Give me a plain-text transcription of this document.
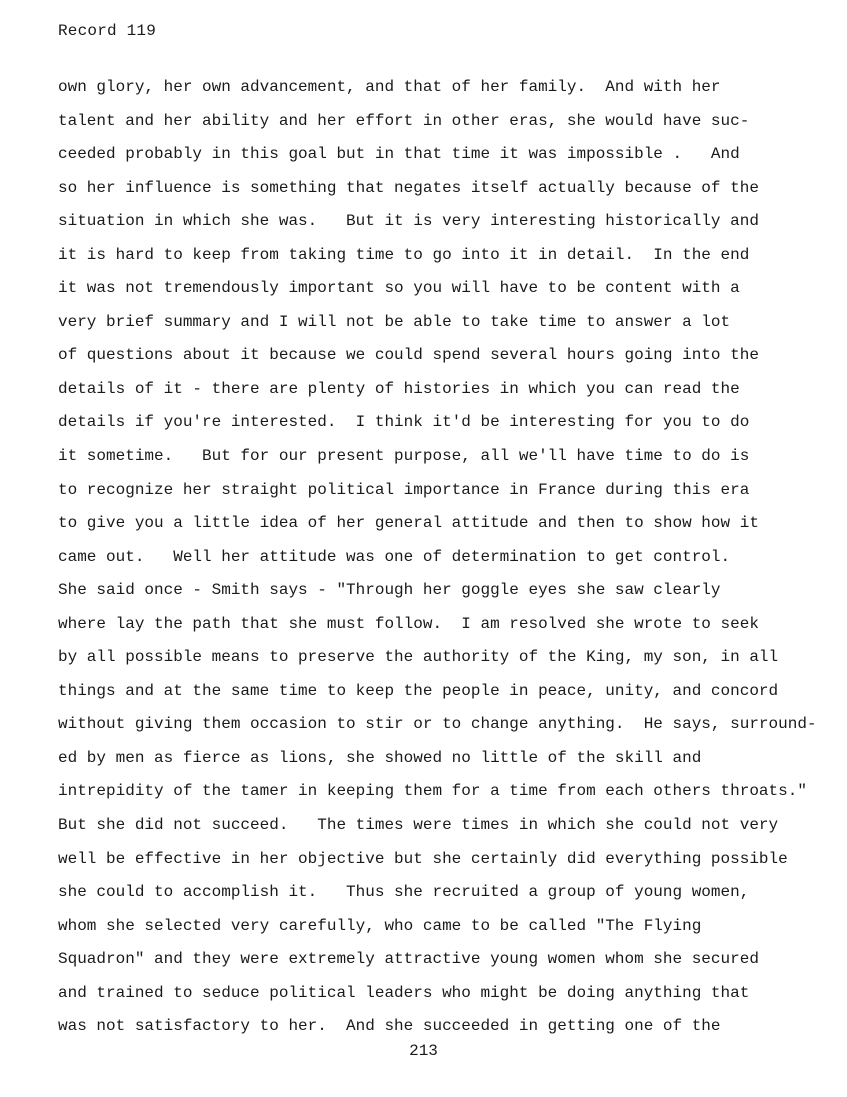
Record 119
own glory, her own advancement, and that of her family.  And with her
talent and her ability and her effort in other eras, she would have suc-
ceeded probably in this goal but in that time it was impossible .   And
so her influence is something that negates itself actually because of the
situation in which she was.   But it is very interesting historically and
it is hard to keep from taking time to go into it in detail.  In the end
it was not tremendously important so you will have to be content with a
very brief summary and I will not be able to take time to answer a lot
of questions about it because we could spend several hours going into the
details of it - there are plenty of histories in which you can read the
details if you're interested.  I think it'd be interesting for you to do
it sometime.   But for our present purpose, all we'll have time to do is
to recognize her straight political importance in France during this era
to give you a little idea of her general attitude and then to show how it
came out.   Well her attitude was one of determination to get control.
She said once - Smith says - "Through her goggle eyes she saw clearly
where lay the path that she must follow.  I am resolved she wrote to seek
by all possible means to preserve the authority of the King, my son, in all
things and at the same time to keep the people in peace, unity, and concord
without giving them occasion to stir or to change anything.  He says, surround-
ed by men as fierce as lions, she showed no little of the skill and
intrepidity of the tamer in keeping them for a time from each others throats."
But she did not succeed.   The times were times in which she could not very
well be effective in her objective but she certainly did everything possible
she could to accomplish it.   Thus she recruited a group of young women,
whom she selected very carefully, who came to be called "The Flying
Squadron" and they were extremely attractive young women whom she secured
and trained to seduce political leaders who might be doing anything that
was not satisfactory to her.  And she succeeded in getting one of the
213
